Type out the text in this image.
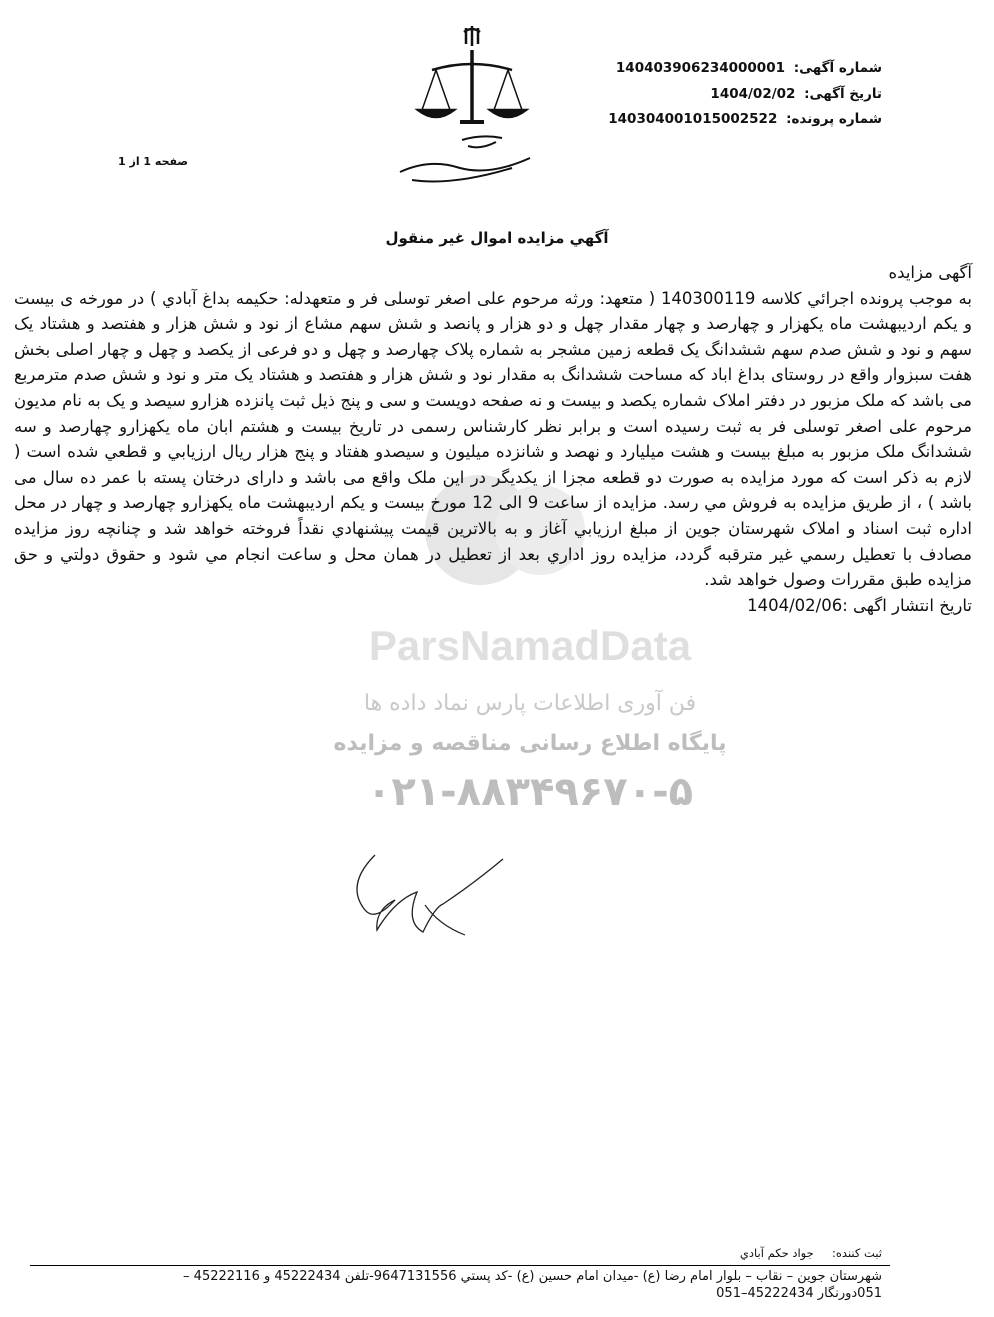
شماره آگهی: 140403906234000001
تاریخ آگهی: 1404/02/02
شماره پرونده: 140304001015002522
صفحه 1 از 1
آگهي مزايده اموال غير منقول
ParsNamadData
فن آوری اطلاعات پارس نماد داده ها
پایگاه اطلاع رسانی مناقصه و مزایده
۰۲۱-۸۸۳۴۹۶۷۰-۵

آگهی مزایده

به موجب پرونده اجرائي كلاسه 140300119 ( متعهد: ورثه مرحوم علی اصغر توسلی فر و متعهدله: حکیمه بداغ آبادي ) در مورخه ی بيست و يکم ارديبهشت ماه يکهزار و چهارصد و چهار مقدار چهل و دو هزار و پانصد و شش سهم مشاع از نود و شش هزار و هفتصد و هشتاد يک سهم و نود و شش صدم سهم ششدانگ يک قطعه زمين مشجر به شماره پلاک چهارصد و چهل و دو فرعی از يکصد و چهل و چهار اصلی بخش هفت سبزوار واقع در روستای بداغ اباد که مساحت ششدانگ به مقدار نود و شش هزار و هفتصد و هشتاد يک متر و نود و شش صدم مترمربع می باشد که ملک مزبور در دفتر املاک شماره يکصد و بيست و نه صفحه دويست و سی و پنج ذيل ثبت پانزده هزارو سيصد و يک به نام مديون مرحوم علی اصغر توسلی فر به ثبت رسيده است و برابر نظر کارشناس رسمی در تاريخ بيست و هشتم ابان ماه يکهزارو چهارصد و سه ششدانگ ملک مزبور به مبلغ بيست و هشت ميليارد و نهصد و شانزده ميليون و سيصدو هفتاد و پنج هزار ريال ارزيابي و قطعي شده است ( لازم به ذکر است که مورد مزايده به صورت دو قطعه مجزا از يکديگر در اين ملک واقع می باشد و دارای درختان پسته با عمر ده سال می باشد ) ، از طريق مزايده به فروش مي رسد. مزايده از ساعت 9 الی 12 مورخ بيست و يکم ارديبهشت ماه يکهزارو چهارصد و چهار در محل اداره ثبت اسناد و املاک شهرستان جوين از مبلغ ارزيابي آغاز و به بالاترين قيمت پيشنهادي نقداً فروخته خواهد شد و چنانچه روز مزايده مصادف با تعطيل رسمي غير مترقبه گردد، مزايده روز اداري بعد از تعطيل در همان محل و ساعت انجام مي شود و حقوق دولتي و حق مزايده طبق مقررات وصول خواهد شد.

تاریخ انتشار اگهی :1404/02/06

ثبت کننده:     جواد حکم آبادي
شهرستان جوین – نقاب – بلوار امام رضا (ع) -میدان امام حسین (ع) -کد پستي 9647131556-تلفن 45222434 و 45222116 – 051دورنگار 45222434–051
